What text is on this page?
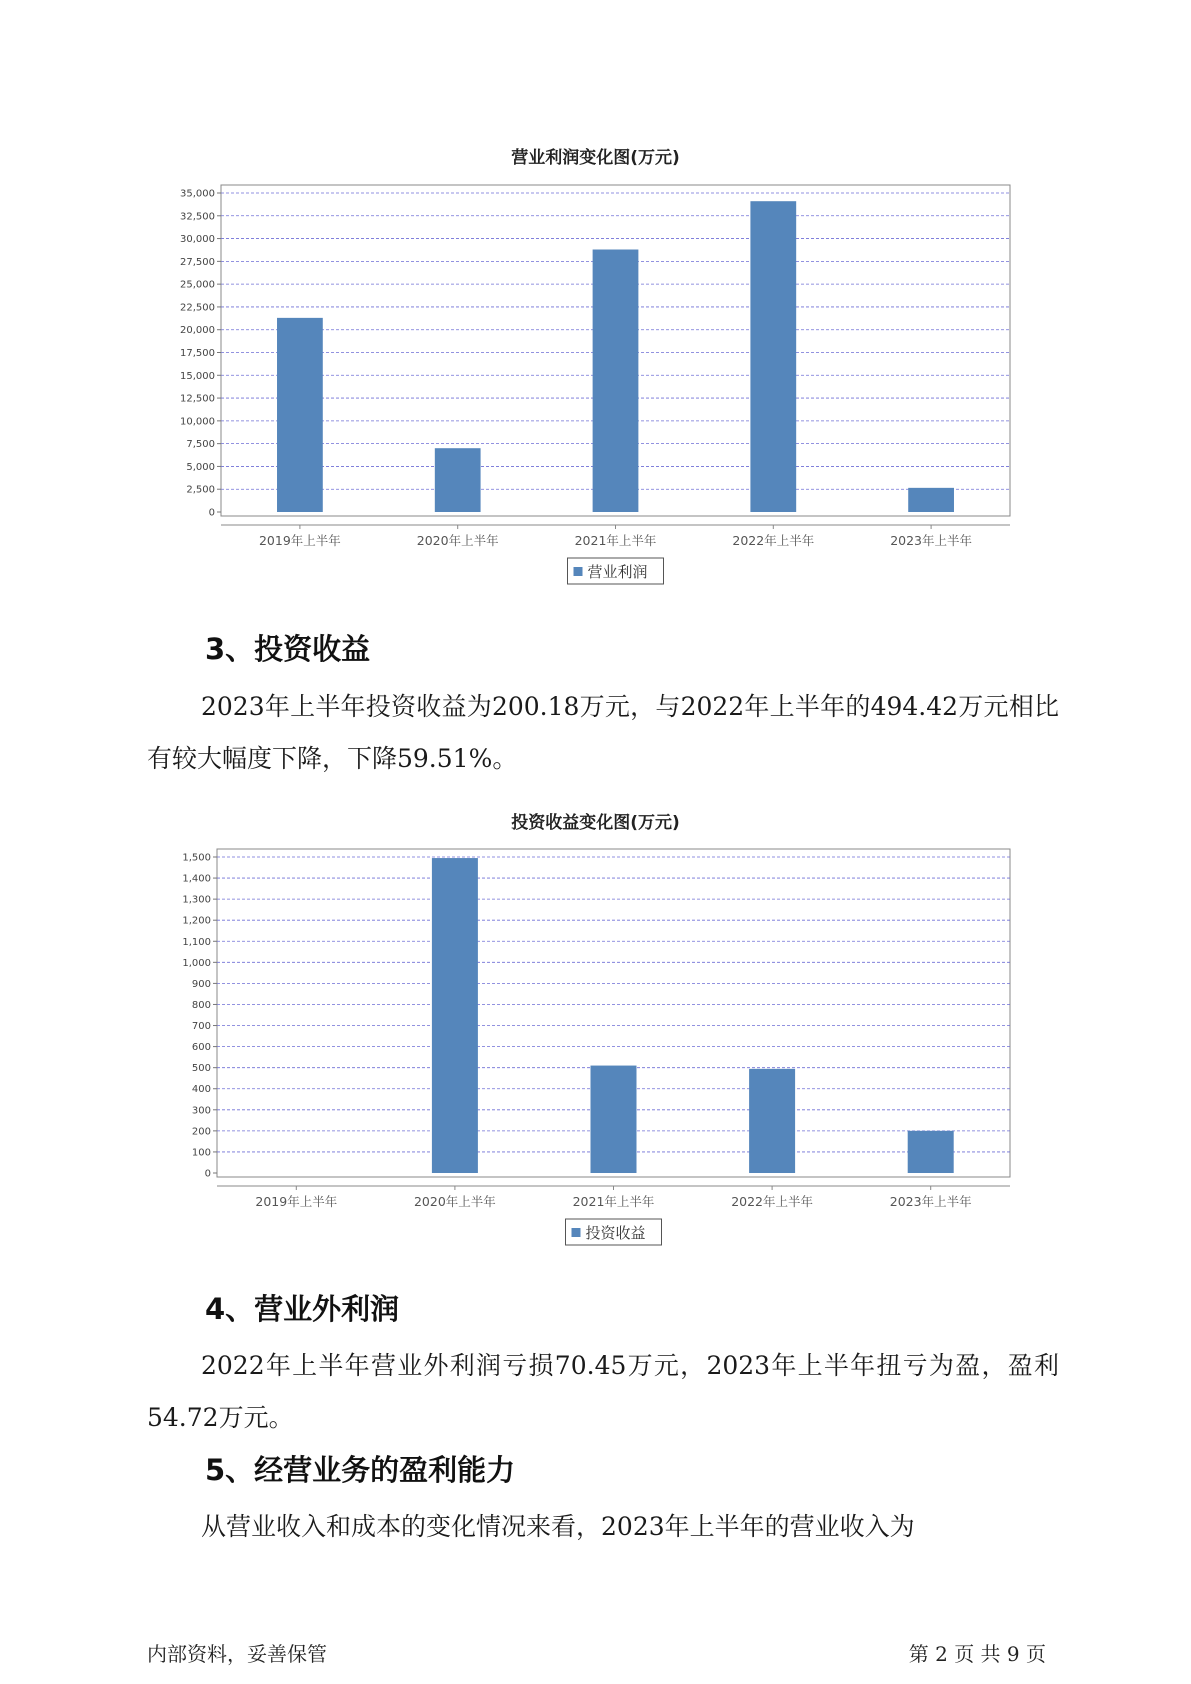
营业利润变化图(万元)
0
2,500
5,000
7,500
10,000
12,500
15,000
17,500
20,000
22,500
25,000
27,500
30,000
32,500
35,000
2019年上半年	2020年上半年	2021年上半年	2022年上半年	2023年上半年
营业利润
3、投资收益

2023年上半年投资收益为200.18万元，与2022年上半年的494.42万元相比有较大幅度下降，下降59.51%。

投资收益变化图(万元)
0
100
200
300
400
500
600
700
800
900
1,000
1,100
1,200
1,300
1,400
1,500
2019年上半年	2020年上半年	2021年上半年	2022年上半年	2023年上半年
投资收益
4、营业外利润

2022年上半年营业外利润亏损70.45万元，2023年上半年扭亏为盈，盈利54.72万元。

5、经营业务的盈利能力

从营业收入和成本的变化情况来看，2023年上半年的营业收入为

内部资料，妥善保管	第 2 页 共 9 页
